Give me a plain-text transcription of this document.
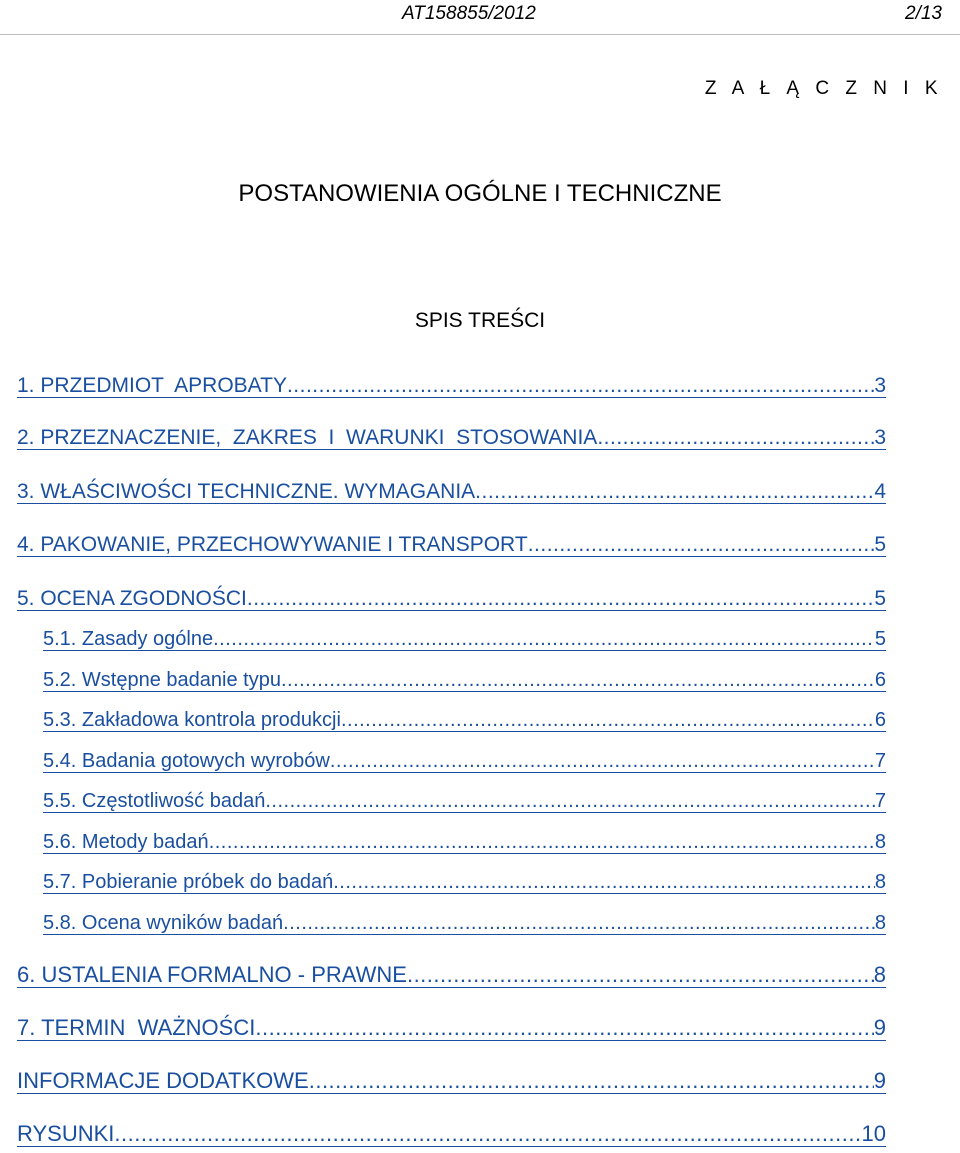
AT158855/2012	2/13
Z A Ł Ą C Z N I K
POSTANOWIENIA OGÓLNE I TECHNICZNE
SPIS TREŚCI
1. PRZEDMIOT  APROBATY .....	3
2. PRZEZNACZENIE,  ZAKRES  I  WARUNKI  STOSOWANIA .....	3
3. WŁAŚCIWOŚCI TECHNICZNE. WYMAGANIA .....	4
4. PAKOWANIE, PRZECHOWYWANIE I TRANSPORT .....	5
5. OCENA ZGODNOŚCI .....	5
5.1. Zasady ogólne .....	5
5.2. Wstępne badanie typu .....	6
5.3. Zakładowa kontrola produkcji .....	6
5.4. Badania gotowych wyrobów .....	7
5.5. Częstotliwość badań .....	7
5.6. Metody badań .....	8
5.7. Pobieranie próbek do badań .....	8
5.8. Ocena wyników badań .....	8
6. USTALENIA FORMALNO - PRAWNE .....	8
7. TERMIN  WAŻNOŚCI .....	9
INFORMACJE DODATKOWE .....	9
RYSUNKI .....	10
